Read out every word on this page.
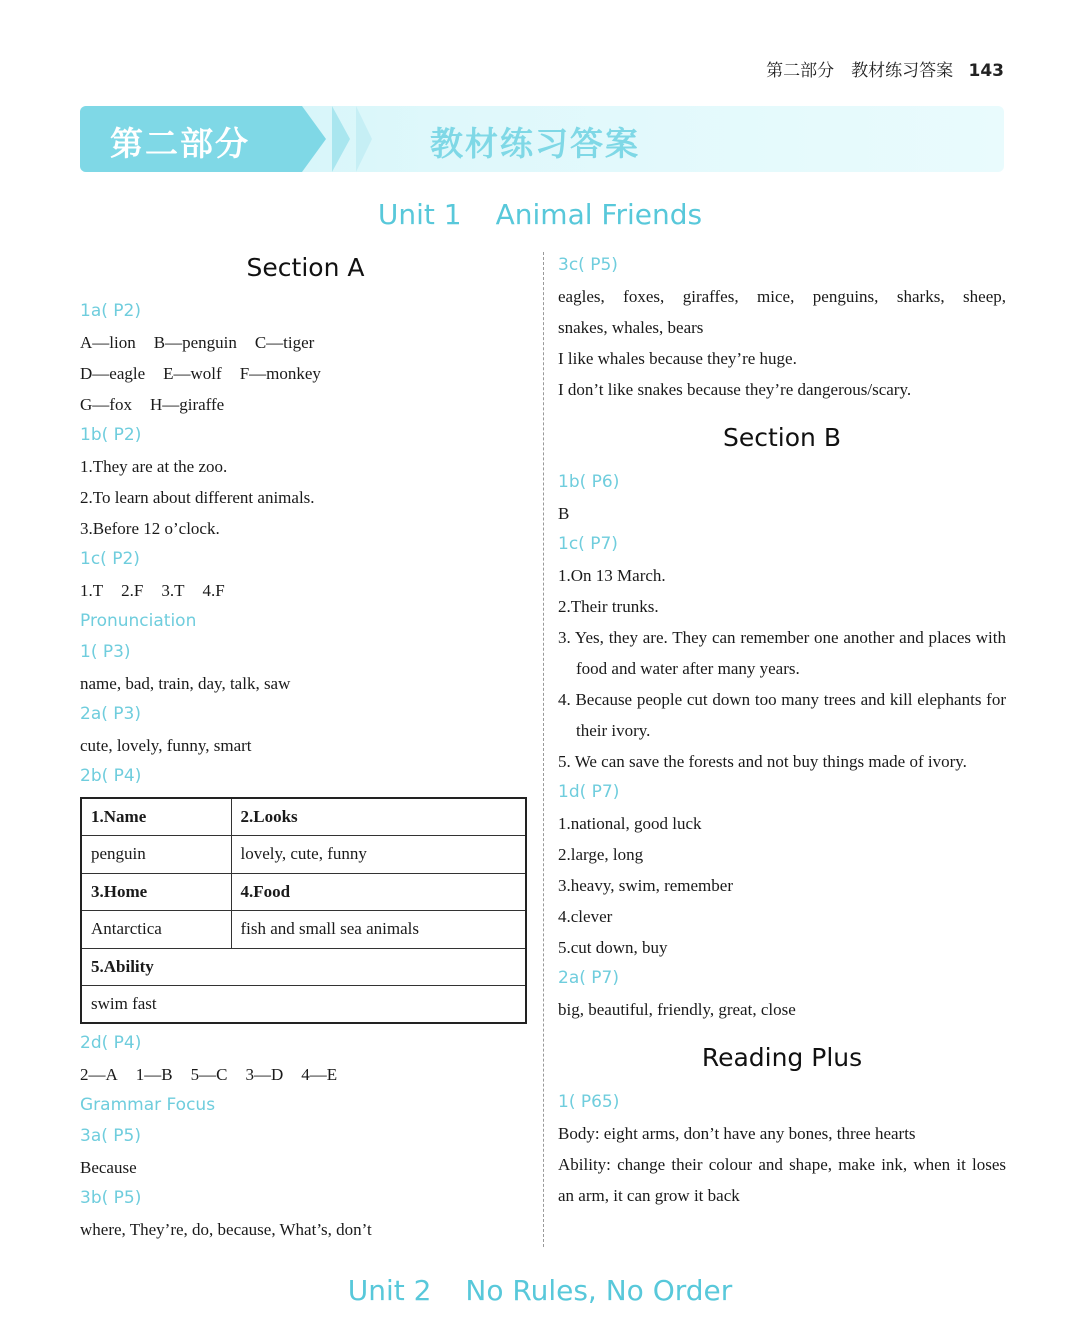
第二部分　教材练习答案 143
第二部分	教材练习答案
Unit 1 Animal Friends
Section A
1a( P2)
A—lion B—penguin C—tiger
D—eagle E—wolf F—monkey
G—fox H—giraffe
1b( P2)
1.They are at the zoo.
2.To learn about different animals.
3.Before 12 o’clock.
1c( P2)
1.T 2.F 3.T 4.F
Pronunciation
1( P3)
name, bad, train, day, talk, saw
2a( P3)
cute, lovely, funny, smart
2b( P4)
1.Name	2.Looks
penguin	lovely, cute, funny
3.Home	4.Food
Antarctica	fish and small sea animals
5.Ability	
swim fast	
2d( P4)
2—A 1—B 5—C 3—D 4—E
Grammar Focus
3a( P5)
Because
3b( P5)
where, They’re, do, because, What’s, don’t
3c( P5)
eagles, foxes, giraffes, mice, penguins, sharks, sheep,
snakes, whales, bears
I like whales because they’re huge.
I don’t like snakes because they’re dangerous/scary.
Section B
1b( P6)
B
1c( P7)
1.On 13 March.
2.Their trunks.
3. Yes, they are. They can remember one another and places with food and water after many years.
4. Because people cut down too many trees and kill elephants for their ivory.
5. We can save the forests and not buy things made of ivory.
1d( P7)
1.national, good luck
2.large, long
3.heavy, swim, remember
4.clever
5.cut down, buy
2a( P7)
big, beautiful, friendly, great, close
Reading Plus
1( P65)
Body: eight arms, don’t have any bones, three hearts
Ability: change their colour and shape, make ink, when it loses an arm, it can grow it back
Unit 2 No Rules, No Order
